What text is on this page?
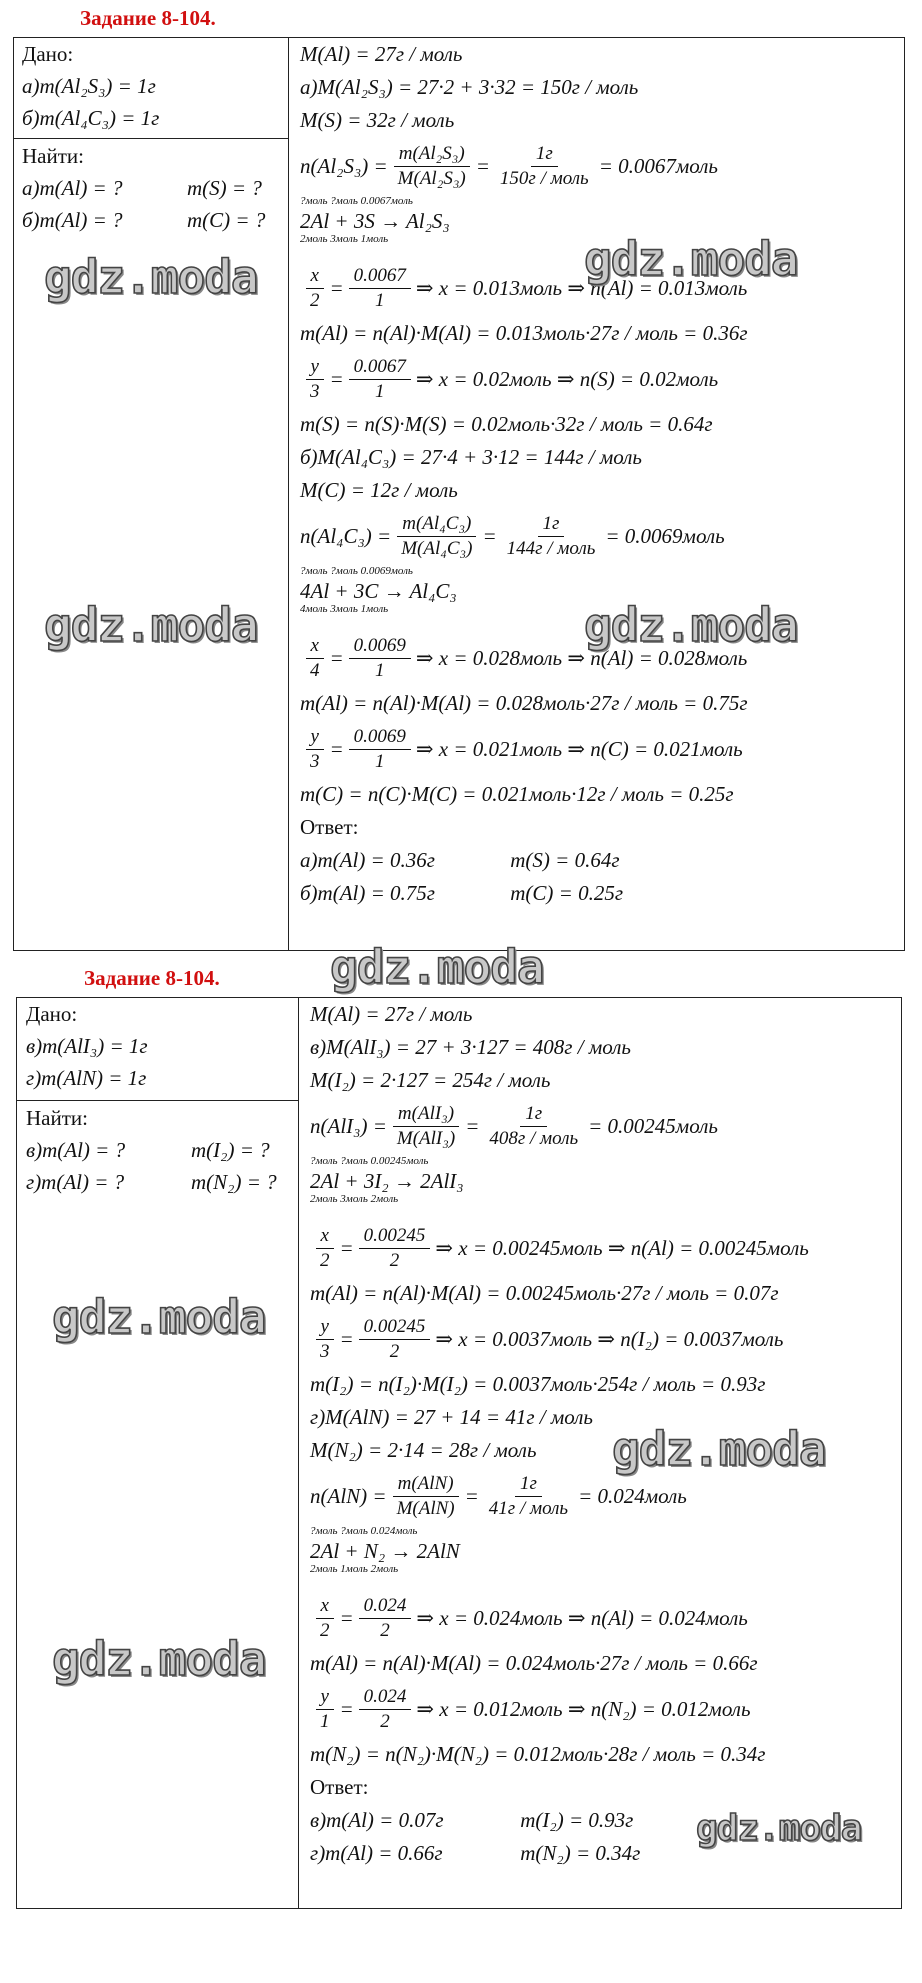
Задание 8-104.
Дано:
а)m(Al₂S₃) = 1г
б)m(Al₄C₃) = 1г
Найти:
а)m(Al) = ?	m(S) = ?
б)m(Al) = ?	m(C) = ?
M(Al) = 27г / моль
а)M(Al₂S₃) = 27·2 + 3·32 = 150г / моль
M(S) = 32г / моль
$n(Al_2S_3) = \frac{\text{m(Al₂S₃)}}{\text{M(Al₂S₃)}} = \frac{1г}{\text{150г / моль}}$ = 0.0067моль
?моль ?моль 0.0067моль
2Al + 3S → Al₂S₃
2моль 3моль 1моль
$\frac{x}{2} = \frac{0.0067}{1}$ ⇒ x = 0.013моль ⇒ n(Al) = 0.013моль
m(Al) = n(Al)·M(Al) = 0.013моль·27г / моль = 0.36г
$\frac{y}{3} = \frac{0.0067}{1}$ ⇒ x = 0.02моль ⇒ n(S) = 0.02моль
m(S) = n(S)·M(S) = 0.02моль·32г / моль = 0.64г
б)M(Al₄C₃) = 27·4 + 3·12 = 144г / моль
M(C) = 12г / моль
$n(Al_4C_3) = \frac{\text{m(Al₄C₃)}}{\text{M(Al₄C₃)}} = \frac{1г}{\text{144г / моль}}$ = 0.0069моль
?моль ?моль 0.0069моль
4Al + 3C → Al₄C₃
4моль 3моль 1моль
$\frac{x}{4} = \frac{0.0069}{1}$ ⇒ x = 0.028моль ⇒ n(Al) = 0.028моль
m(Al) = n(Al)·M(Al) = 0.028моль·27г / моль = 0.75г
$\frac{y}{3} = \frac{0.0069}{1}$ ⇒ x = 0.021моль ⇒ n(C) = 0.021моль
m(C) = n(C)·M(C) = 0.021моль·12г / моль = 0.25г
Ответ:
а)m(Al) = 0.36г	m(S) = 0.64г
б)m(Al) = 0.75г	m(C) = 0.25г
Задание 8-104.
Дано:
в)m(AlI₃) = 1г
г)m(AlN) = 1г
Найти:
в)m(Al) = ?	m(I₂) = ?
г)m(Al) = ?	m(N₂) = ?
M(Al) = 27г / моль
в)M(AlI₃) = 27 + 3·127 = 408г / моль
M(I₂) = 2·127 = 254г / моль
$n(AlI_3) = \frac{\text{m(AlI₃)}}{\text{M(AlI₃)}} = \frac{1г}{\text{408г / моль}}$ = 0.00245моль
?моль ?моль 0.00245моль
2Al + 3I₂ → 2AlI₃
2моль 3моль 2моль
$\frac{x}{2} = \frac{0.00245}{2}$ ⇒ x = 0.00245моль ⇒ n(Al) = 0.00245моль
m(Al) = n(Al)·M(Al) = 0.00245моль·27г / моль = 0.07г
$\frac{y}{3} = \frac{0.00245}{2}$ ⇒ x = 0.0037моль ⇒ n(I₂) = 0.0037моль
m(I₂) = n(I₂)·M(I₂) = 0.0037моль·254г / моль = 0.93г
г)M(AlN) = 27 + 14 = 41г / моль
M(N₂) = 2·14 = 28г / моль
$n(AlN) = \frac{\text{m(AlN)}}{\text{M(AlN)}} = \frac{1г}{\text{41г / моль}}$ = 0.024моль
?моль ?моль 0.024моль
2Al + N₂ → 2AlN
2моль 1моль 2моль
$\frac{x}{2} = \frac{0.024}{2}$ ⇒ x = 0.024моль ⇒ n(Al) = 0.024моль
m(Al) = n(Al)·M(Al) = 0.024моль·27г / моль = 0.66г
$\frac{y}{1} = \frac{0.024}{2}$ ⇒ x = 0.012моль ⇒ n(N₂) = 0.012моль
m(N₂) = n(N₂)·M(N₂) = 0.012моль·28г / моль = 0.34г
Ответ:
в)m(Al) = 0.07г	m(I₂) = 0.93г
г)m(Al) = 0.66г	m(N₂) = 0.34г
gdz.moda	gdz.moda
gdz.moda	gdz.moda
gdz.moda
gdz.moda
gdz.moda
gdz.moda
gdz.moda
